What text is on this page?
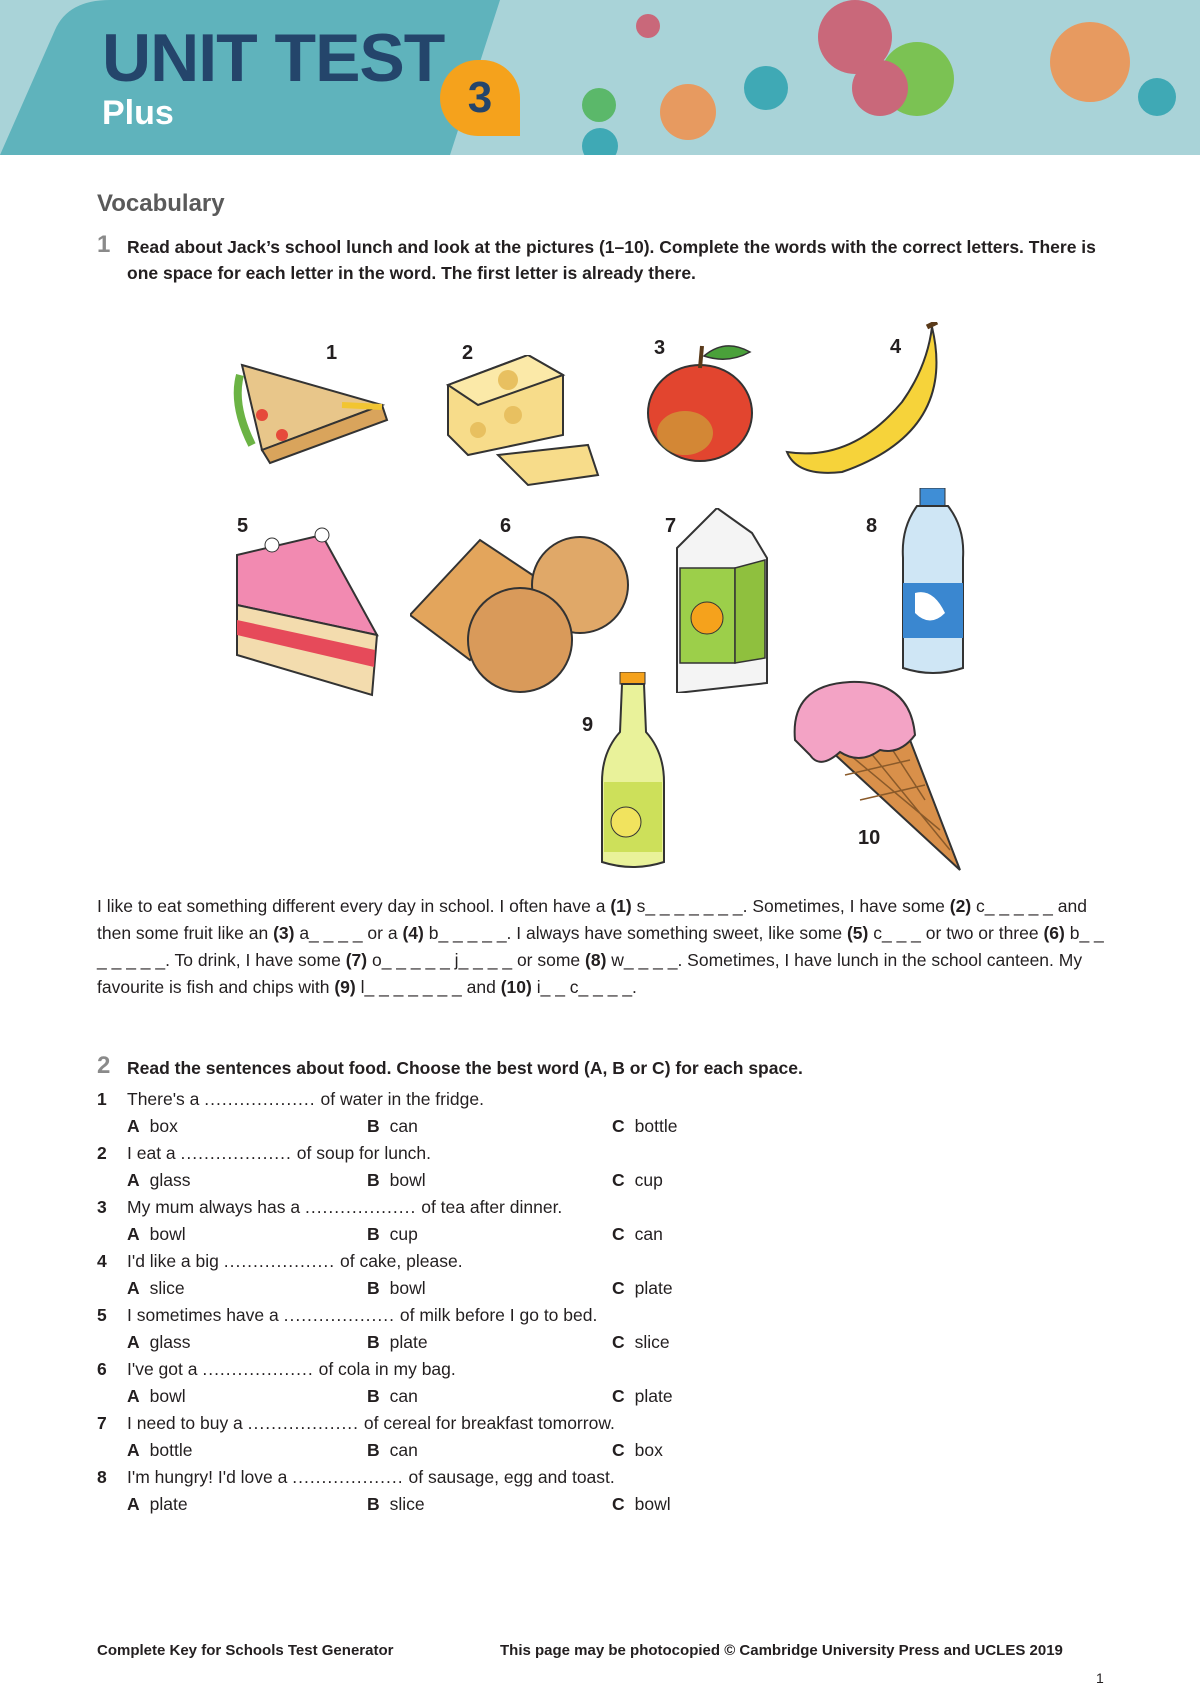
UNIT TEST
Plus	3
Vocabulary
1 Read about Jack’s school lunch and look at the pictures (1–10). Complete the words with the correct letters. There is one space for each letter in the word. The first letter is already there.
1	2	3	4
5	6	7	8
9
10
I like to eat something different every day in school. I often have a (1) s_ _ _ _ _ _ _. Sometimes, I have some (2) c_ _ _ _ _ and then some fruit like an (3) a_ _ _ _ or a (4) b_ _ _ _ _. I always have something sweet, like some (5) c_ _ _ or two or three (6) b_ _ _ _ _ _ _. To drink, I have some (7) o_ _ _ _ _ j_ _ _ _ or some (8) w_ _ _ _. Sometimes, I have lunch in the school canteen. My favourite is fish and chips with (9) l_ _ _ _ _ _ _ and (10) i_ _ c_ _ _ _.
2 Read the sentences about food. Choose the best word (A, B or C) for each space.
1 There's a ................... of water in the fridge.
A box	B can	C bottle
2 I eat a ................... of soup for lunch.
A glass	B bowl	C cup
3 My mum always has a ................... of tea after dinner.
A bowl	B cup	C can
4 I'd like a big ................... of cake, please.
A slice	B bowl	C plate
5 I sometimes have a ................... of milk before I go to bed.
A glass	B plate	C slice
6 I've got a ................... of cola in my bag.
A bowl	B can	C plate
7 I need to buy a ................... of cereal for breakfast tomorrow.
A bottle	B can	C box
8 I'm hungry! I'd love a ................... of sausage, egg and toast.
A plate	B slice	C bowl
Complete Key for Schools Test Generator	This page may be photocopied © Cambridge University Press and UCLES 2019
1
